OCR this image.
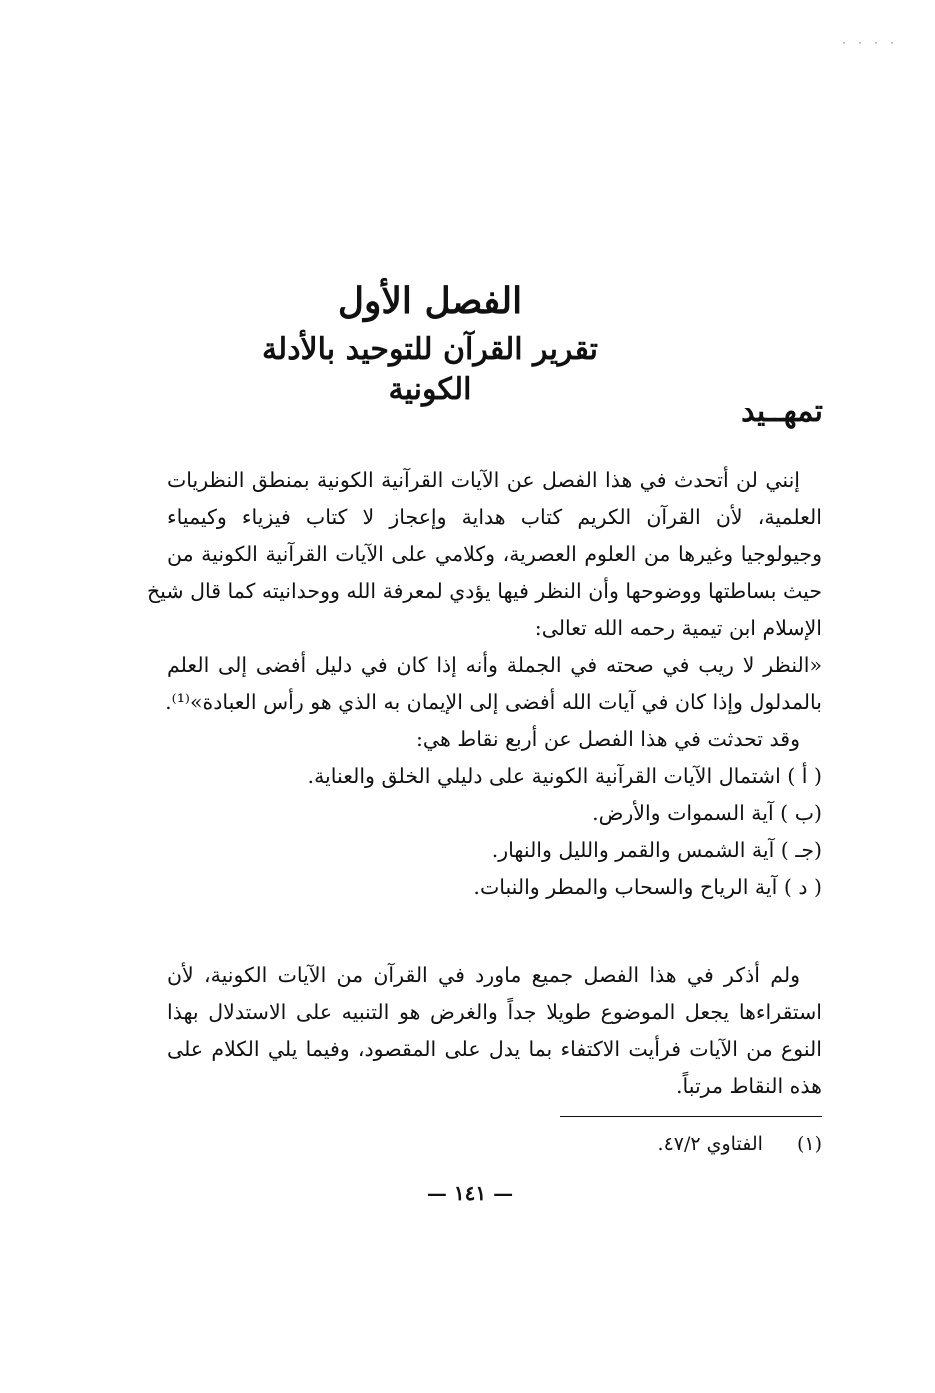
· · · ·
الفصل الأول
تقرير القرآن للتوحيد بالأدلة الكونية
تمهــيد
إنني لن أتحدث في هذا الفصل عن الآيات القرآنية الكونية بمنطق النظريات
العلمية، لأن القرآن الكريم كتاب هداية وإعجاز لا كتاب فيزياء وكيمياء
وجيولوجيا وغيرها من العلوم العصرية، وكلامي على الآيات القرآنية الكونية من
حيث بساطتها ووضوحها وأن النظر فيها يؤدي لمعرفة الله ووحدانيته كما قال شيخ
الإسلام ابن تيمية رحمه الله تعالى:
«النظر لا ريب في صحته في الجملة وأنه إذا كان في دليل أفضى إلى العلم
بالمدلول وإذا كان في آيات الله أفضى إلى الإيمان به الذي هو رأس العبادة»⁽¹⁾.
وقد تحدثت في هذا الفصل عن أربع نقاط هي:
( أ ) اشتمال الآيات القرآنية الكونية على دليلي الخلق والعناية.
(ب ) آية السموات والأرض.
(جـ ) آية الشمس والقمر والليل والنهار.
( د ) آية الرياح والسحاب والمطر والنبات.
ولم أذكر في هذا الفصل جميع ماورد في القرآن من الآيات الكونية، لأن
استقراءها يجعل الموضوع طويلا جداً والغرض هو التنبيه على الاستدلال بهذا
النوع من الآيات فرأيت الاكتفاء بما يدل على المقصود، وفيما يلي الكلام على
هذه النقاط مرتباً.
(١) الفتاوي ٤٧/٢.
— ١٤١ —
